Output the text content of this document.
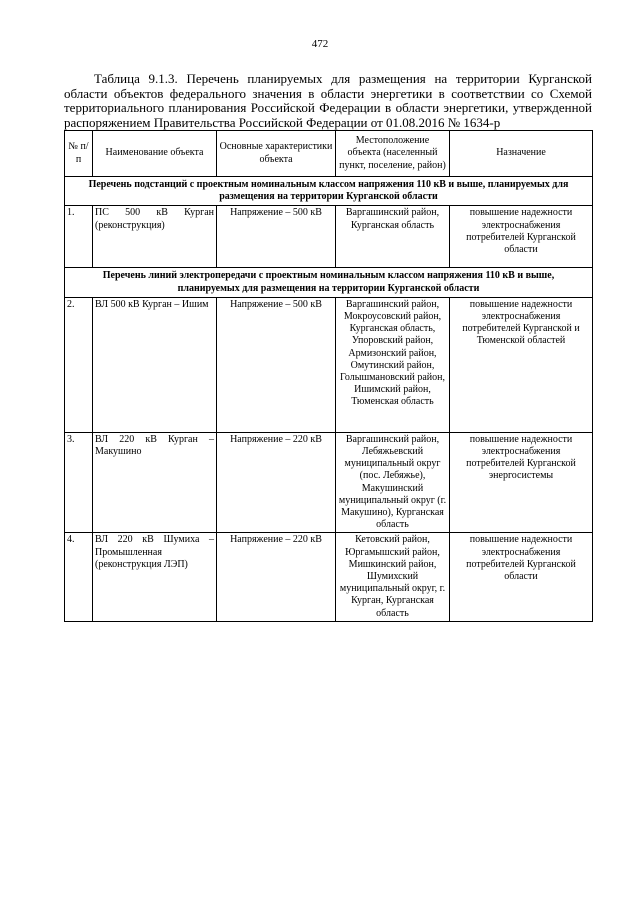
472

Таблица 9.1.3. Перечень планируемых для размещения на территории Курганской области объектов федерального значения в области энергетики в соответствии со Схемой территориального планирования Российской Федерации в области энергетики, утвержденной распоряжением Правительства Российской Федерации от 01.08.2016 № 1634-р

№ п/п	Наименование объекта	Основные характеристики объекта	Местоположение объекта (населенный пункт, поселение, район)	Назначение
Перечень подстанций с проектным номинальным классом напряжения 110 кВ и выше, планируемых для размещения на территории Курганской области				
1.	ПС 500 кВ Курган (реконструкция)	Напряжение – 500 кВ	Варгашинский район, Курганская область	повышение надежности электроснабжения потребителей Курганской области
Перечень линий электропередачи с проектным номинальным классом напряжения 110 кВ и выше, планируемых для размещения на территории Курганской области				
2.	ВЛ 500 кВ Курган – Ишим	Напряжение – 500 кВ	Варгашинский район, Мокроусовский район, Курганская область, Упоровский район, Армизонский район, Омутинский район, Голышмановский район, Ишимский район, Тюменская область	повышение надежности электроснабжения потребителей Курганской и Тюменской областей
3.	ВЛ 220 кВ Курган – Макушино	Напряжение – 220 кВ	Варгашинский район, Лебяжьевский муниципальный округ (пос. Лебяжье), Макушинский муниципальный округ (г. Макушино), Курганская область	повышение надежности электроснабжения потребителей Курганской энергосистемы
4.	ВЛ 220 кВ Шумиха – Промышленная (реконструкция ЛЭП)	Напряжение – 220 кВ	Кетовский район, Юргамышский район, Мишкинский район, Шумихский муниципальный округ, г. Курган, Курганская область	повышение надежности электроснабжения потребителей Курганской области
